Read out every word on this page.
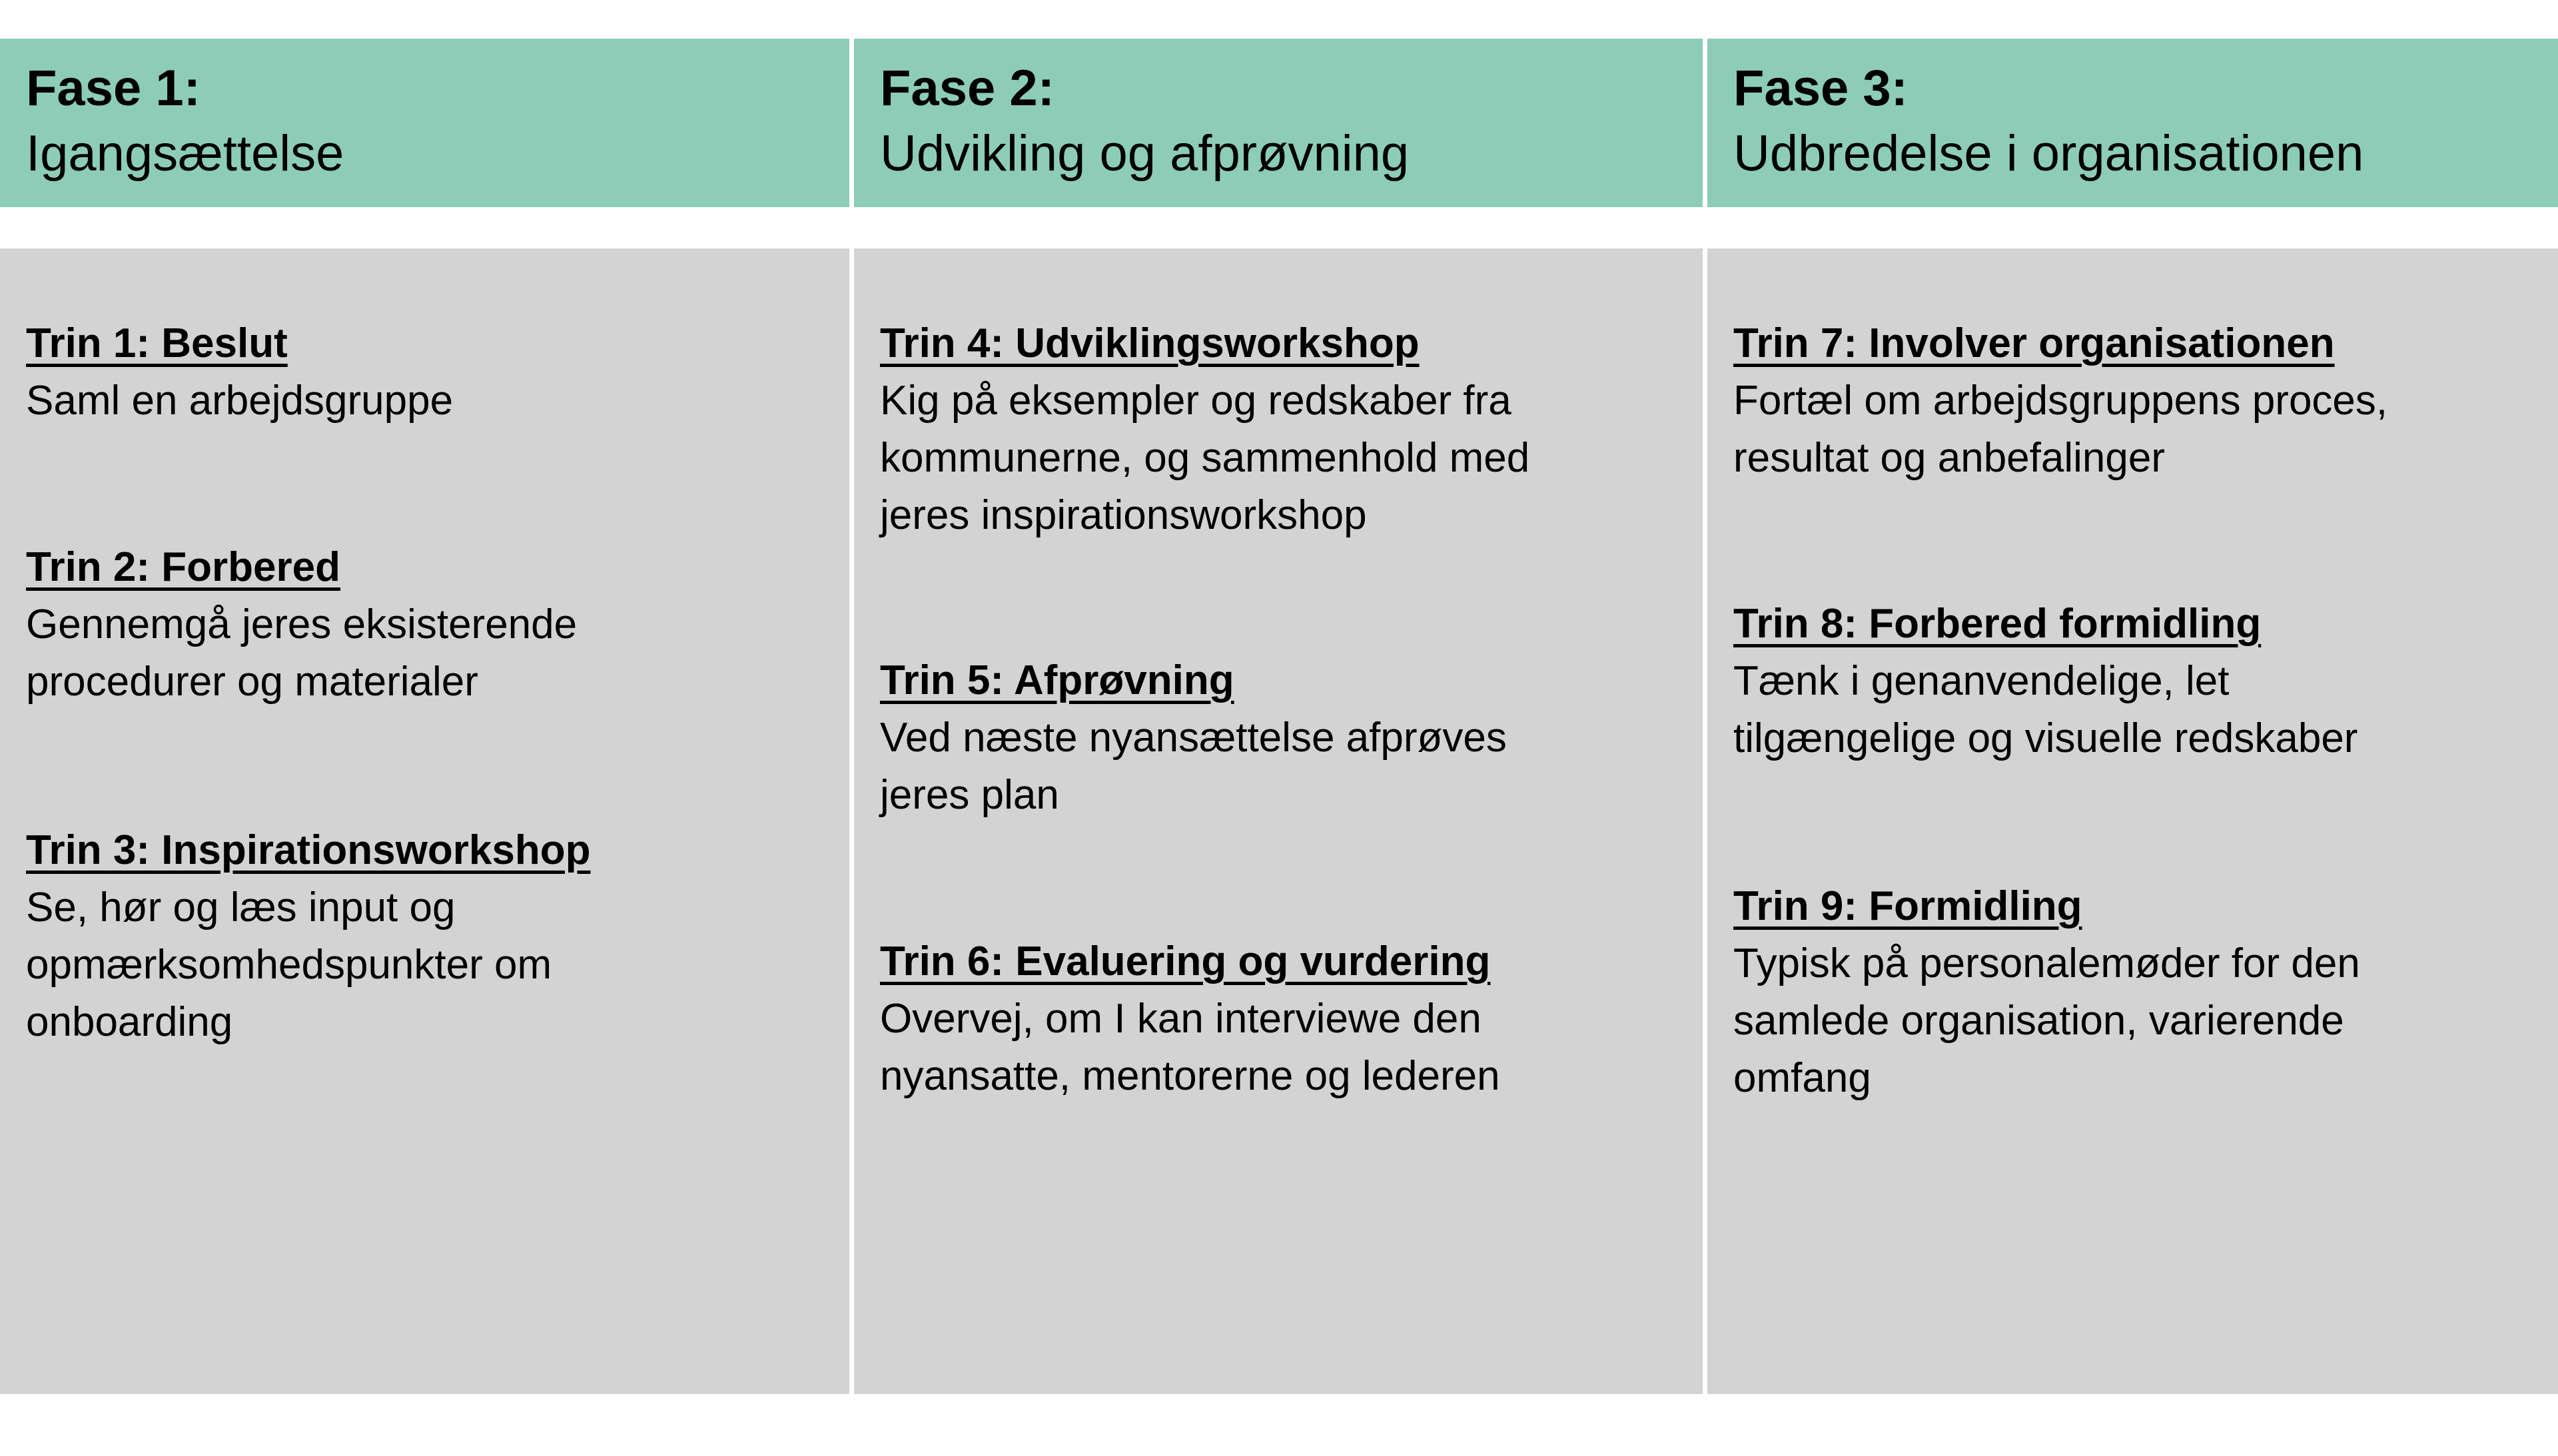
Fase 1:
Igangsættelse
Trin 1: Beslut
Saml en arbejdsgruppe
Trin 2: Forbered
Gennemgå jeres eksisterende
procedurer og materialer
Trin 3: Inspirationsworkshop
Se, hør og læs input og
opmærksomhedspunkter om
onboarding
Fase 2:
Udvikling og afprøvning
Trin 4: Udviklingsworkshop
Kig på eksempler og redskaber fra
kommunerne, og sammenhold med
jeres inspirationsworkshop
Trin 5: Afprøvning
Ved næste nyansættelse afprøves
jeres plan
Trin 6: Evaluering og vurdering
Overvej, om I kan interviewe den
nyansatte, mentorerne og lederen
Fase 3:
Udbredelse i organisationen
Trin 7: Involver organisationen
Fortæl om arbejdsgruppens proces,
resultat og anbefalinger
Trin 8: Forbered formidling
Tænk i genanvendelige, let
tilgængelige og visuelle redskaber
Trin 9: Formidling
Typisk på personalemøder for den
samlede organisation, varierende
omfang
